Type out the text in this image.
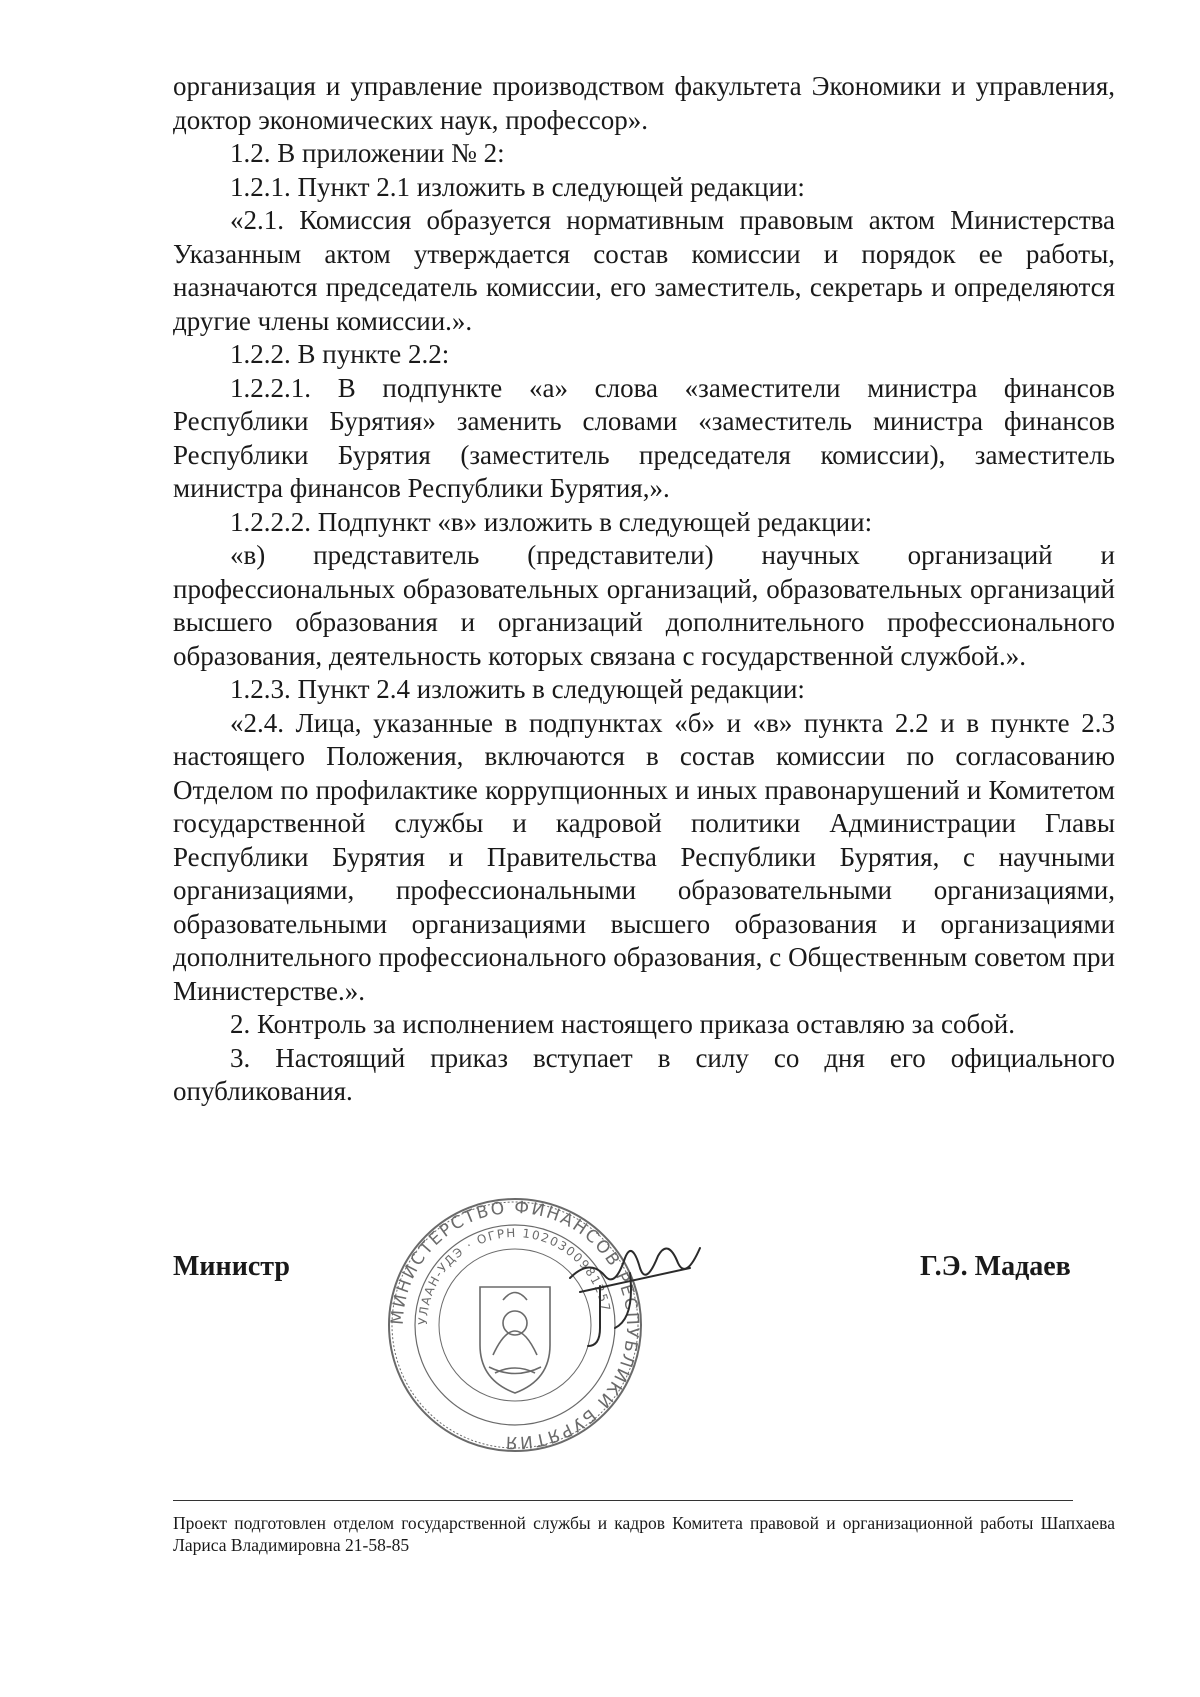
организация и управление производством факультета Экономики и управления, доктор экономических наук, профессор».

1.2. В приложении № 2:

1.2.1. Пункт 2.1 изложить в следующей редакции:

«2.1. Комиссия образуется нормативным правовым актом Министерства Указанным актом утверждается состав комиссии и порядок ее работы, назначаются председатель комиссии, его заместитель, секретарь и определяются другие члены комиссии.».

1.2.2. В пункте 2.2:

1.2.2.1. В подпункте «а» слова «заместители министра финансов Республики Бурятия» заменить словами «заместитель министра финансов Республики Бурятия (заместитель председателя комиссии), заместитель министра финансов Республики Бурятия,».

1.2.2.2. Подпункт «в» изложить в следующей редакции:

«в) представитель (представители) научных организаций и профессиональных образовательных организаций, образовательных организаций высшего образования и организаций дополнительного профессионального образования, деятельность которых связана с государственной службой.».

1.2.3. Пункт 2.4 изложить в следующей редакции:

«2.4. Лица, указанные в подпунктах «б» и «в» пункта 2.2 и в пункте 2.3 настоящего Положения, включаются в состав комиссии по согласованию Отделом по профилактике коррупционных и иных правонарушений и Комитетом государственной службы и кадровой политики Администрации Главы Республики Бурятия и Правительства Республики Бурятия, с научными организациями, профессиональными образовательными организациями, образовательными организациями высшего образования и организациями дополнительного профессионального образования, с Общественным советом при Министерстве.».

2. Контроль за исполнением настоящего приказа оставляю за собой.

3. Настоящий приказ вступает в силу со дня его официального опубликования.

Министр
МИНИСТЕРСТВО ФИНАНСОВ РЕСПУБЛИКИ БУРЯТИЯ
УЛААН-УДЭ · ОГРН 1020300981257
Г.Э. Мадаев
Проект подготовлен отделом государственной службы и кадров Комитета правовой и организационной работы Шапхаева Лариса Владимировна 21-58-85
